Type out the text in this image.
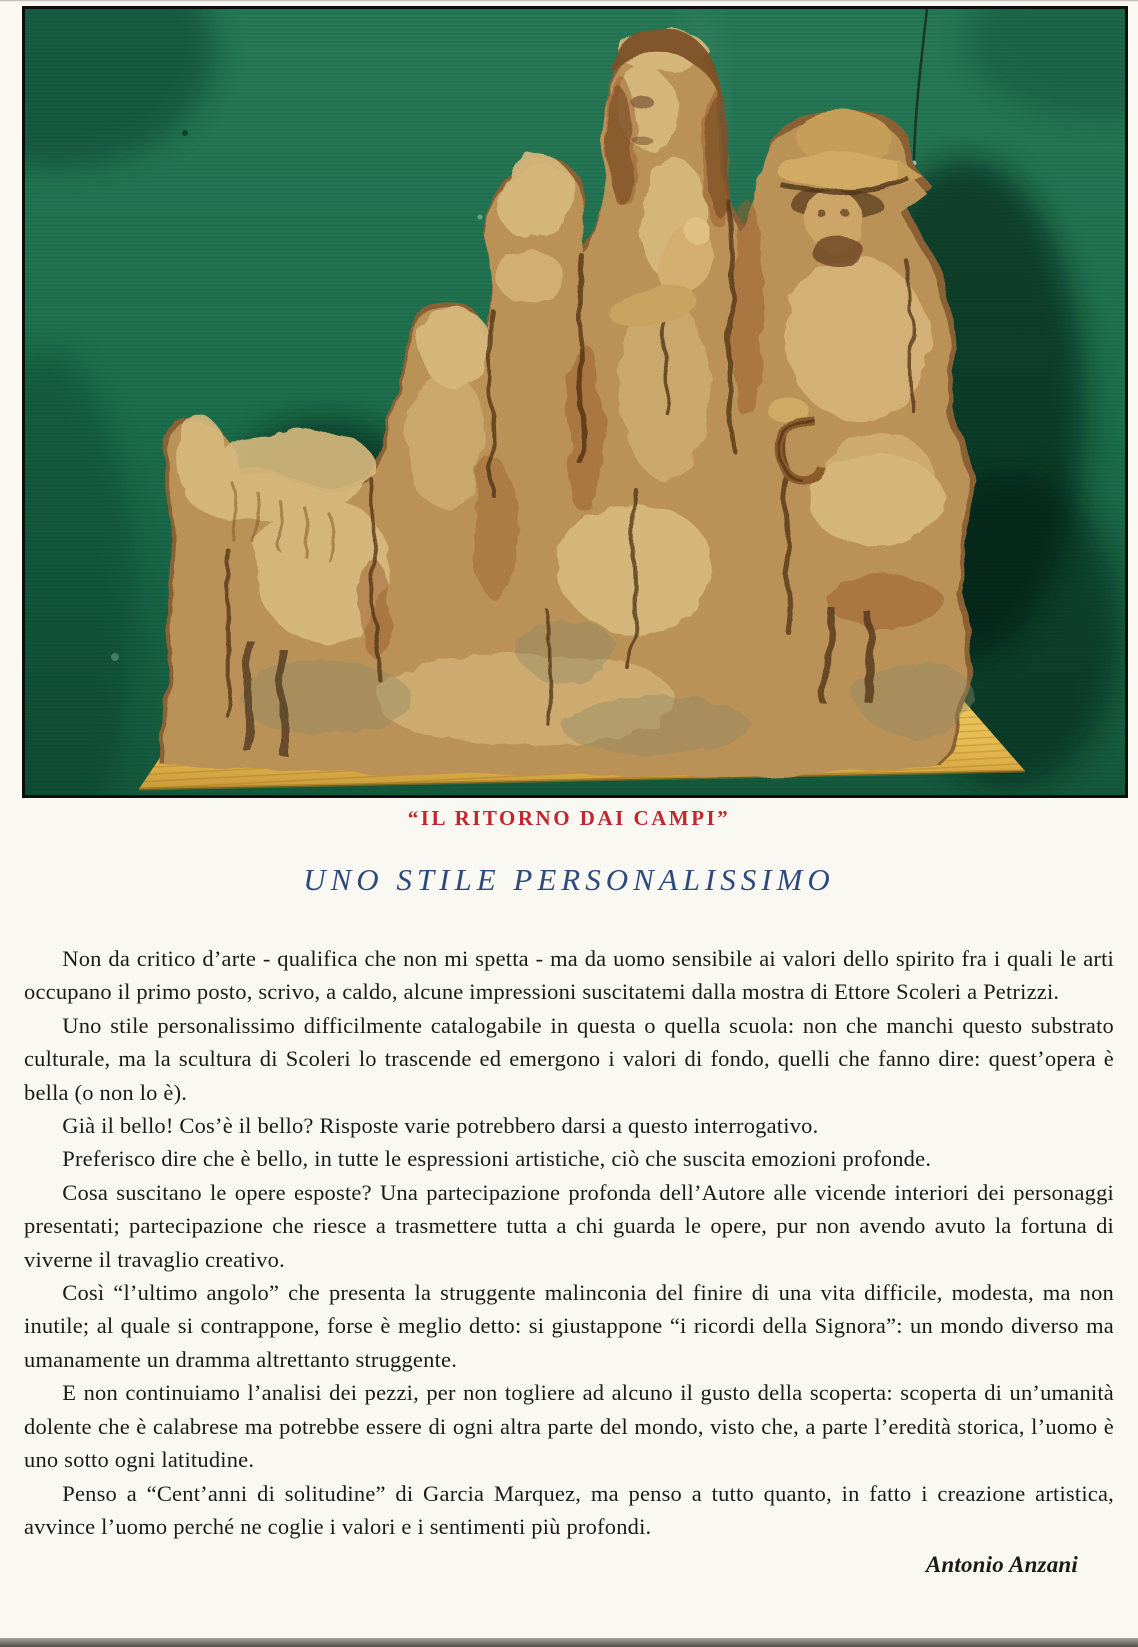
“IL RITORNO DAI CAMPI”
UNO STILE PERSONALISSIMO

Non da critico d’arte - qualifica che non mi spetta - ma da uomo sensibile ai valori dello spirito fra i quali le arti occupano il primo posto, scrivo, a caldo, alcune impressioni suscitatemi dalla mostra di Ettore Scoleri a Petrizzi.

Uno stile personalissimo difficilmente catalogabile in questa o quella scuola: non che manchi questo substrato culturale, ma la scultura di Scoleri lo trascende ed emergono i valori di fondo, quelli che fanno dire: quest’opera è bella (o non lo è).

Già il bello! Cos’è il bello? Risposte varie potrebbero darsi a questo interrogativo.

Preferisco dire che è bello, in tutte le espressioni artistiche, ciò che suscita emozioni profonde.

Cosa suscitano le opere esposte? Una partecipazione profonda dell’Autore alle vicende interiori dei personaggi presentati; partecipazione che riesce a trasmettere tutta a chi guarda le opere, pur non avendo avuto la fortuna di viverne il travaglio creativo.

Così “l’ultimo angolo” che presenta la struggente malinconia del finire di una vita difficile, modesta, ma non inutile; al quale si contrappone, forse è meglio detto: si giustappone “i ricordi della Signora”: un mondo diverso ma umanamente un dramma altrettanto struggente.

E non continuiamo l’analisi dei pezzi, per non togliere ad alcuno il gusto della scoperta: scoperta di un’umanità dolente che è calabrese ma potrebbe essere di ogni altra parte del mondo, visto che, a parte l’eredità storica, l’uomo è uno sotto ogni latitudine.

Penso a “Cent’anni di solitudine” di Garcia Marquez, ma penso a tutto quanto, in fatto i creazione artistica, avvince l’uomo perché ne coglie i valori e i sentimenti più profondi.

Antonio Anzani
